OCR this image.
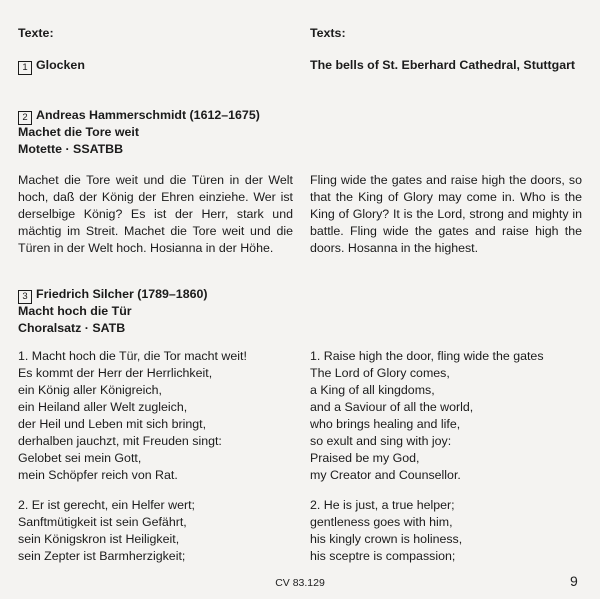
Texte:
1 Glocken
2 Andreas Hammerschmidt (1612–1675)
Machet die Tore weit
Motette · SSATBB
Machet die Tore weit und die Türen in der Welt hoch, daß der König der Ehren einziehe. Wer ist derselbige König? Es ist der Herr, stark und mächtig im Streit. Machet die Tore weit und die Türen in der Welt hoch. Hosianna in der Höhe.
3 Friedrich Silcher (1789–1860)
Macht hoch die Tür
Choralsatz · SATB
1. Macht hoch die Tür, die Tor macht weit!
Es kommt der Herr der Herrlichkeit,
ein König aller Königreich,
ein Heiland aller Welt zugleich,
der Heil und Leben mit sich bringt,
derhalben jauchzt, mit Freuden singt:
Gelobet sei mein Gott,
mein Schöpfer reich von Rat.
2. Er ist gerecht, ein Helfer wert;
Sanftmütigkeit ist sein Gefährt,
sein Königskron ist Heiligkeit,
sein Zepter ist Barmherzigkeit;
Texts:
The bells of St. Eberhard Cathedral, Stuttgart
Fling wide the gates and raise high the doors, so that the King of Glory may come in. Who is the King of Glory? It is the Lord, strong and mighty in battle. Fling wide the gates and raise high the doors. Hosanna in the highest.
1. Raise high the door, fling wide the gates
The Lord of Glory comes,
a King of all kingdoms,
and a Saviour of all the world,
who brings healing and life,
so exult and sing with joy:
Praised be my God,
my Creator and Counsellor.
2. He is just, a true helper;
gentleness goes with him,
his kingly crown is holiness,
his sceptre is compassion;
CV 83.129	9
